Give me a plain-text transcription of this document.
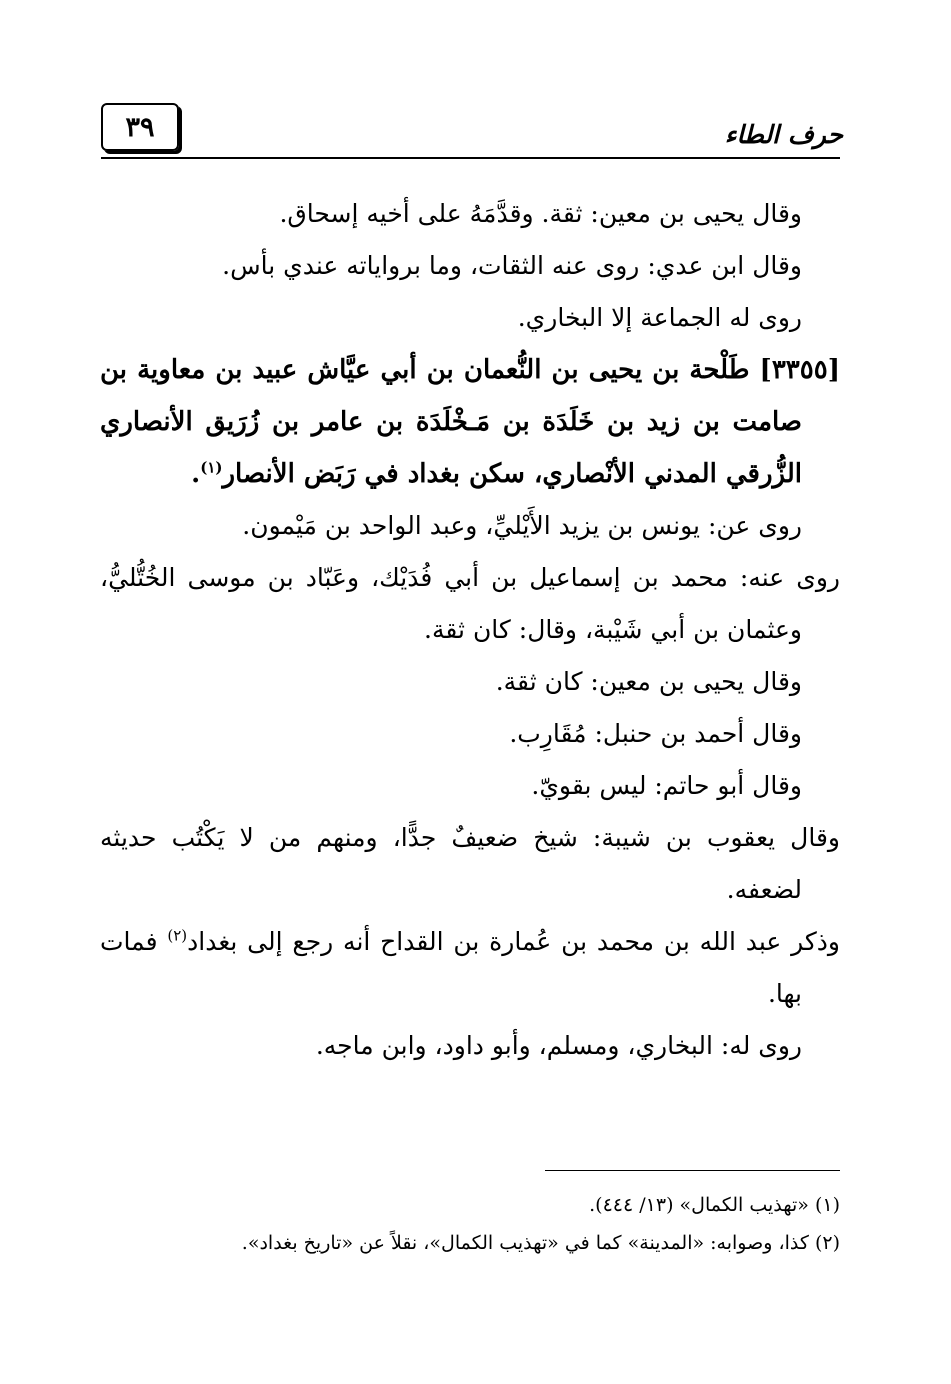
حرف الطاء
٣٩

وقال يحيى بن معين: ثقة. وقدَّمَهُ على أخيه إسحاق.

وقال ابن عدي: روى عنه الثقات، وما برواياته عندي بأس.

روى له الجماعة إلا البخاري.

[٣٣٥٥] طَلْحة بن يحيى بن النُّعمان بن أبي عيَّاش عبيد بن معاوية بن صامت بن زيد بن خَلَدَة بن مَـخْلَدَة بن عامر بن زُرَيق الأنصاري الزُّرقي المدني الأنْصاري، سكن بغداد في رَبَض الأنصار$^{(١)}$.

روى عن: يونس بن يزيد الأَيْليِّ، وعبد الواحد بن مَيْمون.

روى عنه: محمد بن إسماعيل بن أبي فُدَيْك، وعَبّاد بن موسى الخُتُّليُّ، وعثمان بن أبي شَيْبة، وقال: كان ثقة.

وقال يحيى بن معين: كان ثقة.

وقال أحمد بن حنبل: مُقَارِب.

وقال أبو حاتم: ليس بقويّ.

وقال يعقوب بن شيبة: شيخ ضعيفٌ جدًّا، ومنهم من لا يَكْتُب حديثه لضعفه.

وذكر عبد الله بن محمد بن عُمارة بن القداح أنه رجع إلى بغداد$^{(٢)}$ فمات بها.

روى له: البخاري، ومسلم، وأبو داود، وابن ماجه.

(١) «تهذيب الكمال» (١٣/ ٤٤٤).

(٢) كذا، وصوابه: «المدينة» كما في «تهذيب الكمال»، نقلاً عن «تاريخ بغداد».
